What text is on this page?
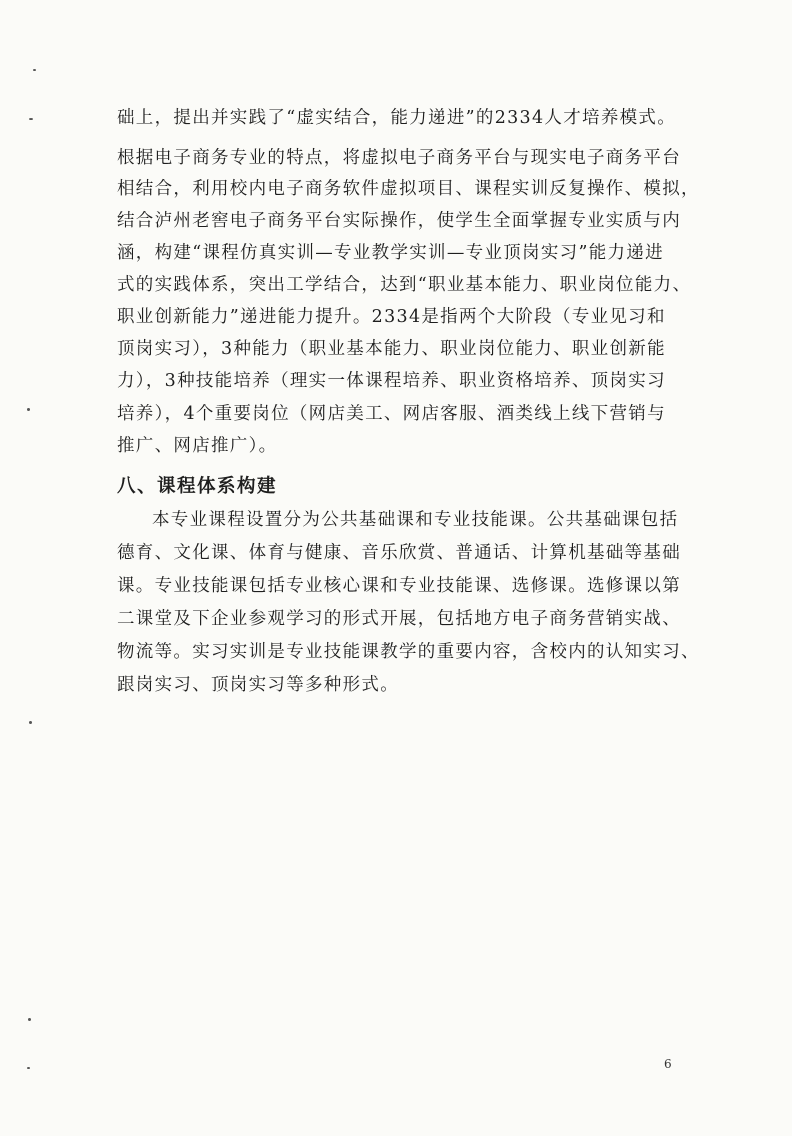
础上，提出并实践了“虚实结合，能力递进”的2334人才培养模式。
根据电子商务专业的特点，将虚拟电子商务平台与现实电子商务平台
相结合，利用校内电子商务软件虚拟项目、课程实训反复操作、模拟，
结合泸州老窖电子商务平台实际操作，使学生全面掌握专业实质与内
涵，构建“课程仿真实训—专业教学实训—专业顶岗实习”能力递进
式的实践体系，突出工学结合，达到“职业基本能力、职业岗位能力、
职业创新能力”递进能力提升。2334是指两个大阶段（专业见习和
顶岗实习），3种能力（职业基本能力、职业岗位能力、职业创新能
力），3种技能培养（理实一体课程培养、职业资格培养、顶岗实习
培养），4个重要岗位（网店美工、网店客服、酒类线上线下营销与
推广、网店推广）。
八、课程体系构建
本专业课程设置分为公共基础课和专业技能课。公共基础课包括
德育、文化课、体育与健康、音乐欣赏、普通话、计算机基础等基础
课。专业技能课包括专业核心课和专业技能课、选修课。选修课以第
二课堂及下企业参观学习的形式开展，包括地方电子商务营销实战、
物流等。实习实训是专业技能课教学的重要内容，含校内的认知实习、
跟岗实习、顶岗实习等多种形式。
6
